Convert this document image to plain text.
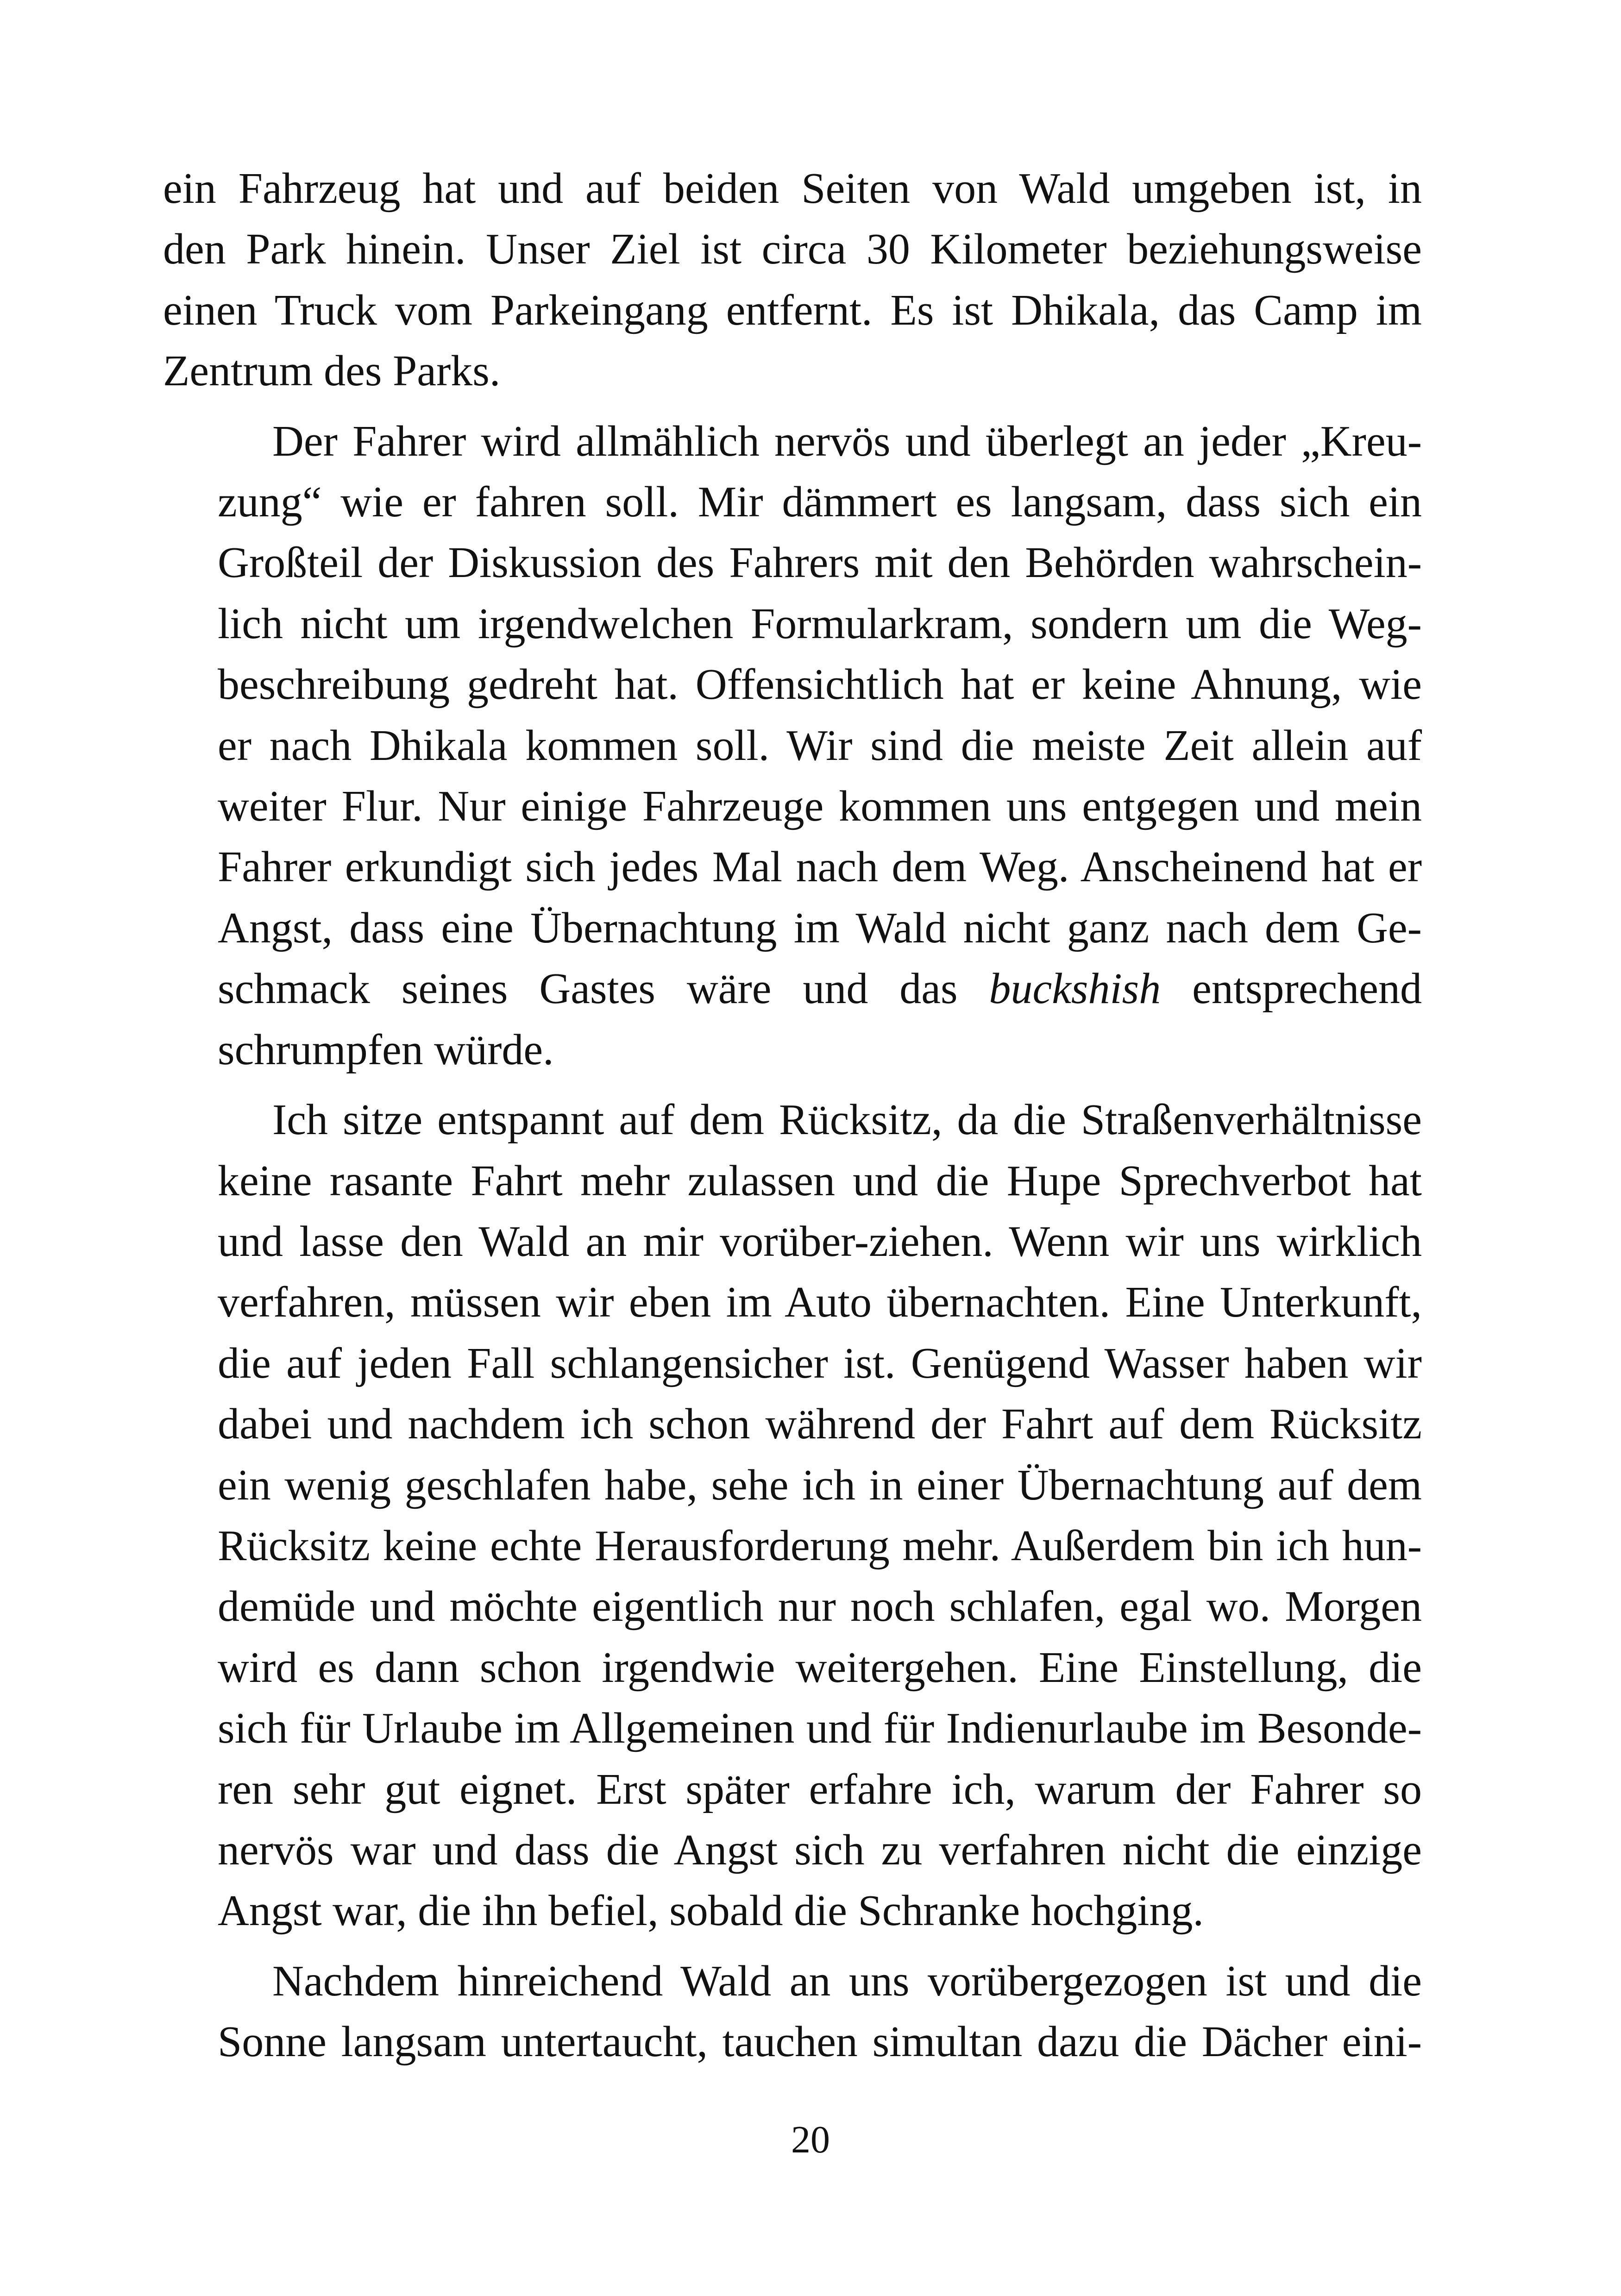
ein Fahrzeug hat und auf beiden Seiten von Wald umgeben ist, in
den Park hinein. Unser Ziel ist circa 30 Kilometer beziehungsweise
einen Truck vom Parkeingang entfernt. Es ist Dhikala, das Camp im
Zentrum des Parks.
Der Fahrer wird allmählich nervös und überlegt an jeder „Kreu-
zung“ wie er fahren soll. Mir dämmert es langsam, dass sich ein
Großteil der Diskussion des Fahrers mit den Behörden wahrschein-
lich nicht um irgendwelchen Formularkram, sondern um die Weg-
beschreibung gedreht hat. Offensichtlich hat er keine Ahnung, wie
er nach Dhikala kommen soll. Wir sind die meiste Zeit allein auf
weiter Flur. Nur einige Fahrzeuge kommen uns entgegen und mein
Fahrer erkundigt sich jedes Mal nach dem Weg. Anscheinend hat er
Angst, dass eine Übernachtung im Wald nicht ganz nach dem Ge-
schmack seines Gastes wäre und das buckshish entsprechend
schrumpfen würde.
Ich sitze entspannt auf dem Rücksitz, da die Straßenverhältnisse
keine rasante Fahrt mehr zulassen und die Hupe Sprechverbot hat
und lasse den Wald an mir vorüber-ziehen. Wenn wir uns wirklich
verfahren, müssen wir eben im Auto übernachten. Eine Unterkunft,
die auf jeden Fall schlangensicher ist. Genügend Wasser haben wir
dabei und nachdem ich schon während der Fahrt auf dem Rücksitz
ein wenig geschlafen habe, sehe ich in einer Übernachtung auf dem
Rücksitz keine echte Herausforderung mehr. Außerdem bin ich hun-
demüde und möchte eigentlich nur noch schlafen, egal wo. Morgen
wird es dann schon irgendwie weitergehen. Eine Einstellung, die
sich für Urlaube im Allgemeinen und für Indienurlaube im Besonde-
ren sehr gut eignet. Erst später erfahre ich, warum der Fahrer so
nervös war und dass die Angst sich zu verfahren nicht die einzige
Angst war, die ihn befiel, sobald die Schranke hochging.
Nachdem hinreichend Wald an uns vorübergezogen ist und die
Sonne langsam untertaucht, tauchen simultan dazu die Dächer eini-
20
